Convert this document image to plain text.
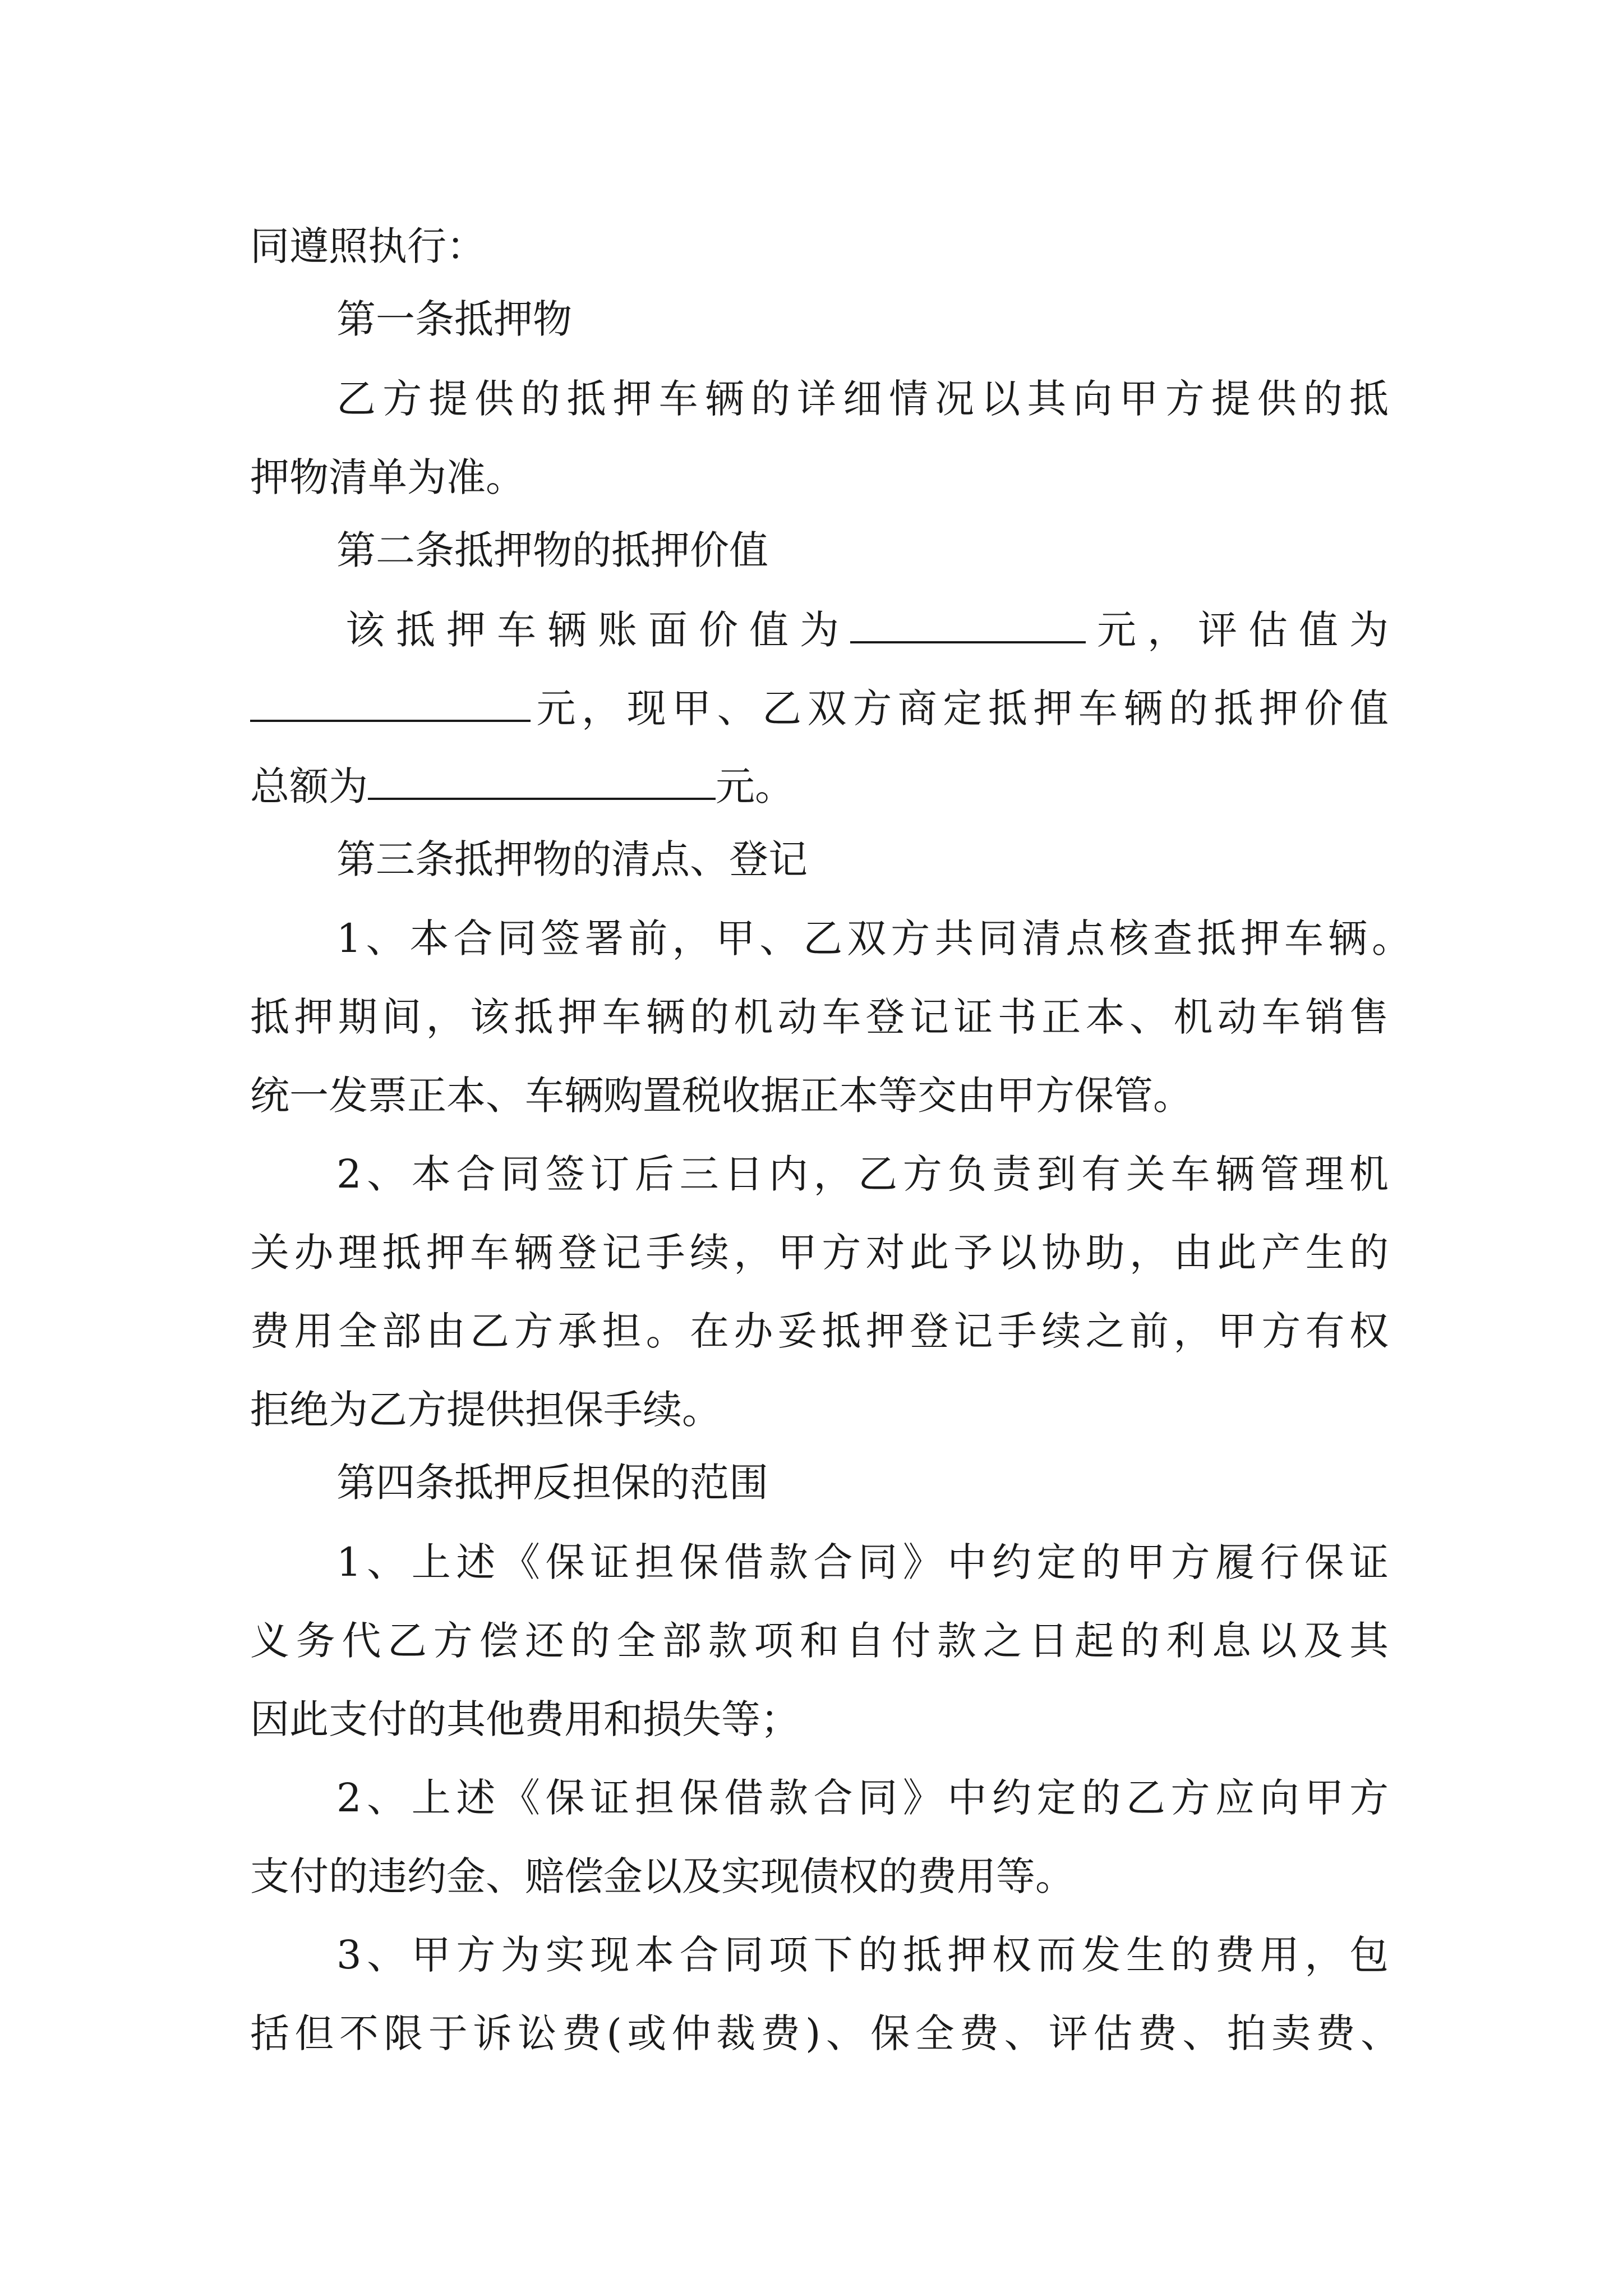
同遵照执行：
第一条抵押物
乙方提供的抵押车辆的详细情况以其向甲方提供的抵
押物清单为准。
第二条抵押物的抵押价值
该抵押车辆账面价值为	元，评估值为
元，现甲、乙双方商定抵押车辆的抵押价值
总额为	元。
第三条抵押物的清点、登记
1、本合同签署前，甲、乙双方共同清点核查抵押车辆。
抵押期间，该抵押车辆的机动车登记证书正本、机动车销售
统一发票正本、车辆购置税收据正本等交由甲方保管。
2、本合同签订后三日内，乙方负责到有关车辆管理机
关办理抵押车辆登记手续，甲方对此予以协助，由此产生的
费用全部由乙方承担。在办妥抵押登记手续之前，甲方有权
拒绝为乙方提供担保手续。
第四条抵押反担保的范围
1、上述《保证担保借款合同》中约定的甲方履行保证
义务代乙方偿还的全部款项和自付款之日起的利息以及其
因此支付的其他费用和损失等；
2、上述《保证担保借款合同》中约定的乙方应向甲方
支付的违约金、赔偿金以及实现债权的费用等。
3、甲方为实现本合同项下的抵押权而发生的费用，包
括但不限于诉讼费(或仲裁费)、保全费、评估费、拍卖费、
